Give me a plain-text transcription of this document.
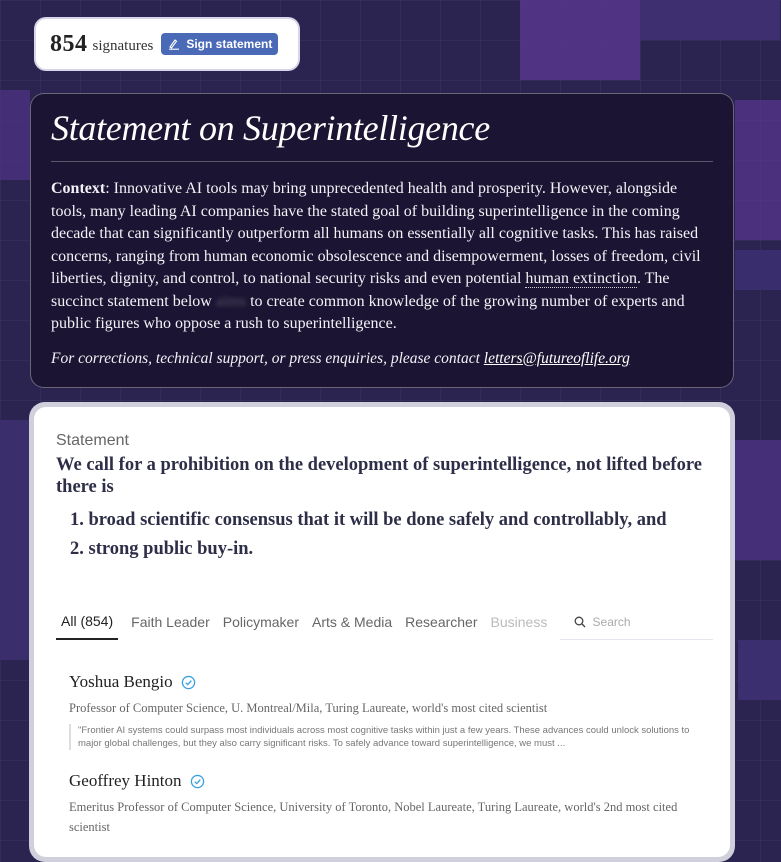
854 signatures	Sign statement
Statement on Superintelligence

Context: Innovative AI tools may bring unprecedented health and prosperity. However, alongside tools, many leading AI companies have the stated goal of building superintelligence in the coming decade that can significantly outperform all humans on essentially all cognitive tasks. This has raised concerns, ranging from human economic obsolescence and disempowerment, losses of freedom, civil liberties, dignity, and control, to national security risks and even potential human extinction. The succinct statement below aims to create common knowledge of the growing number of experts and public figures who oppose a rush to superintelligence.

For corrections, technical support, or press enquiries, please contact letters@futureoflife.org

Statement
We call for a prohibition on the development of superintelligence, not lifted before there is
1. broad scientific consensus that it will be done safely and controllably, and
2. strong public buy-in.
All (854)	Faith Leader Policymaker Arts & Media Researcher Business
Search
Yoshua Bengio
Professor of Computer Science, U. Montreal/Mila, Turing Laureate, world's most cited scientist
"Frontier AI systems could surpass most individuals across most cognitive tasks within just a few years. These advances could unlock solutions to major global challenges, but they also carry significant risks. To safely advance toward superintelligence, we must ...
Geoffrey Hinton
Emeritus Professor of Computer Science, University of Toronto, Nobel Laureate, Turing Laureate, world's 2nd most cited scientist
